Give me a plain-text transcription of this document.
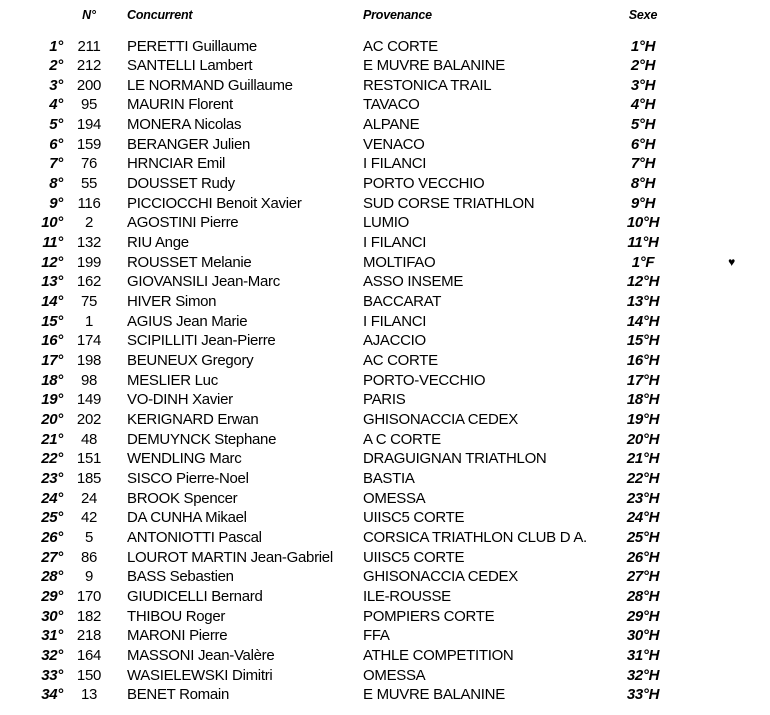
N°	Concurrent	Provenance	Sexe
1° 211	PERETTI Guillaume	AC CORTE	1°H
2° 212	SANTELLI Lambert	E MUVRE BALANINE	2°H
3° 200	LE NORMAND Guillaume	RESTONICA TRAIL	3°H
4°	95	MAURIN Florent	TAVACO	4°H
5° 194	MONERA Nicolas	ALPANE	5°H
6° 159	BERANGER Julien	VENACO	6°H
7°	76	HRNCIAR Emil	I FILANCI	7°H
8°	55	DOUSSET Rudy	PORTO VECCHIO	8°H
9° 116	PICCIOCCHI Benoit Xavier	SUD CORSE TRIATHLON	9°H
10°	2	AGOSTINI Pierre	LUMIO	10°H
11° 132	RIU Ange	I FILANCI	11°H
12° 199	ROUSSET Melanie	MOLTIFAO	1°F	♥
13° 162	GIOVANSILI Jean-Marc	ASSO INSEME	12°H
14°	75	HIVER Simon	BACCARAT	13°H
15°	1	AGIUS Jean Marie	I FILANCI	14°H
16° 174	SCIPILLITI Jean-Pierre	AJACCIO	15°H
17° 198	BEUNEUX Gregory	AC CORTE	16°H
18°	98	MESLIER Luc	PORTO-VECCHIO	17°H
19° 149	VO-DINH Xavier	PARIS	18°H
20° 202	KERIGNARD Erwan	GHISONACCIA CEDEX	19°H
21°	48	DEMUYNCK Stephane	A C CORTE	20°H
22° 151	WENDLING Marc	DRAGUIGNAN TRIATHLON	21°H
23° 185	SISCO Pierre-Noel	BASTIA	22°H
24°	24	BROOK Spencer	OMESSA	23°H
25°	42	DA CUNHA Mikael	UIISC5 CORTE	24°H
26°	5	ANTONIOTTI Pascal	CORSICA TRIATHLON CLUB D A.	25°H
27°	86	LOUROT MARTIN Jean-Gabriel	UIISC5 CORTE	26°H
28°	9	BASS Sebastien	GHISONACCIA CEDEX	27°H
29° 170	GIUDICELLI Bernard	ILE-ROUSSE	28°H
30° 182	THIBOU Roger	POMPIERS CORTE	29°H
31° 218	MARONI Pierre	FFA	30°H
32° 164	MASSONI Jean-Valère	ATHLE COMPETITION	31°H
33° 150	WASIELEWSKI Dimitri	OMESSA	32°H
34°	13	BENET Romain	E MUVRE BALANINE	33°H
